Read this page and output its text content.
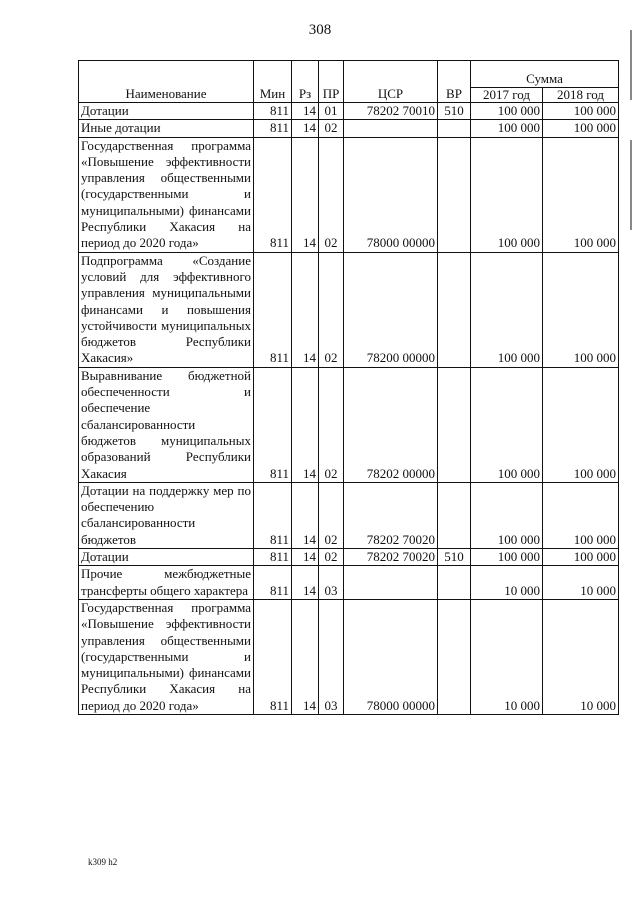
308
Наименование	Мин	Рз	ПР	ЦСР	ВР	Сумма	
						2017 год	2018 год
Дотации	811	14	01	78202 70010	510	100 000	100 000
Иные дотации	811	14	02			100 000	100 000
Государственная программа «Повышение эффективности управления общественными (государственными и муниципальными) финансами Республики Хакасия на период до 2020 года»	811	14	02	78000 00000		100 000	100 000
Подпрограмма «Создание условий для эффективного управления муниципальными финансами и повышения устойчивости муниципальных бюджетов Республики Хакасия»	811	14	02	78200 00000		100 000	100 000
Выравнивание бюджетной обеспеченности и обеспечение сбалансированности бюджетов муниципальных образований Республики Хакасия	811	14	02	78202 00000		100 000	100 000
Дотации на поддержку мер по обеспечению сбалансированности бюджетов	811	14	02	78202 70020		100 000	100 000
Дотации	811	14	02	78202 70020	510	100 000	100 000
Прочие межбюджетные трансферты общего характера	811	14	03			10 000	10 000
Государственная программа «Повышение эффективности управления общественными (государственными и муниципальными) финансами Республики Хакасия на период до 2020 года»	811	14	03	78000 00000		10 000	10 000
k309 h2
